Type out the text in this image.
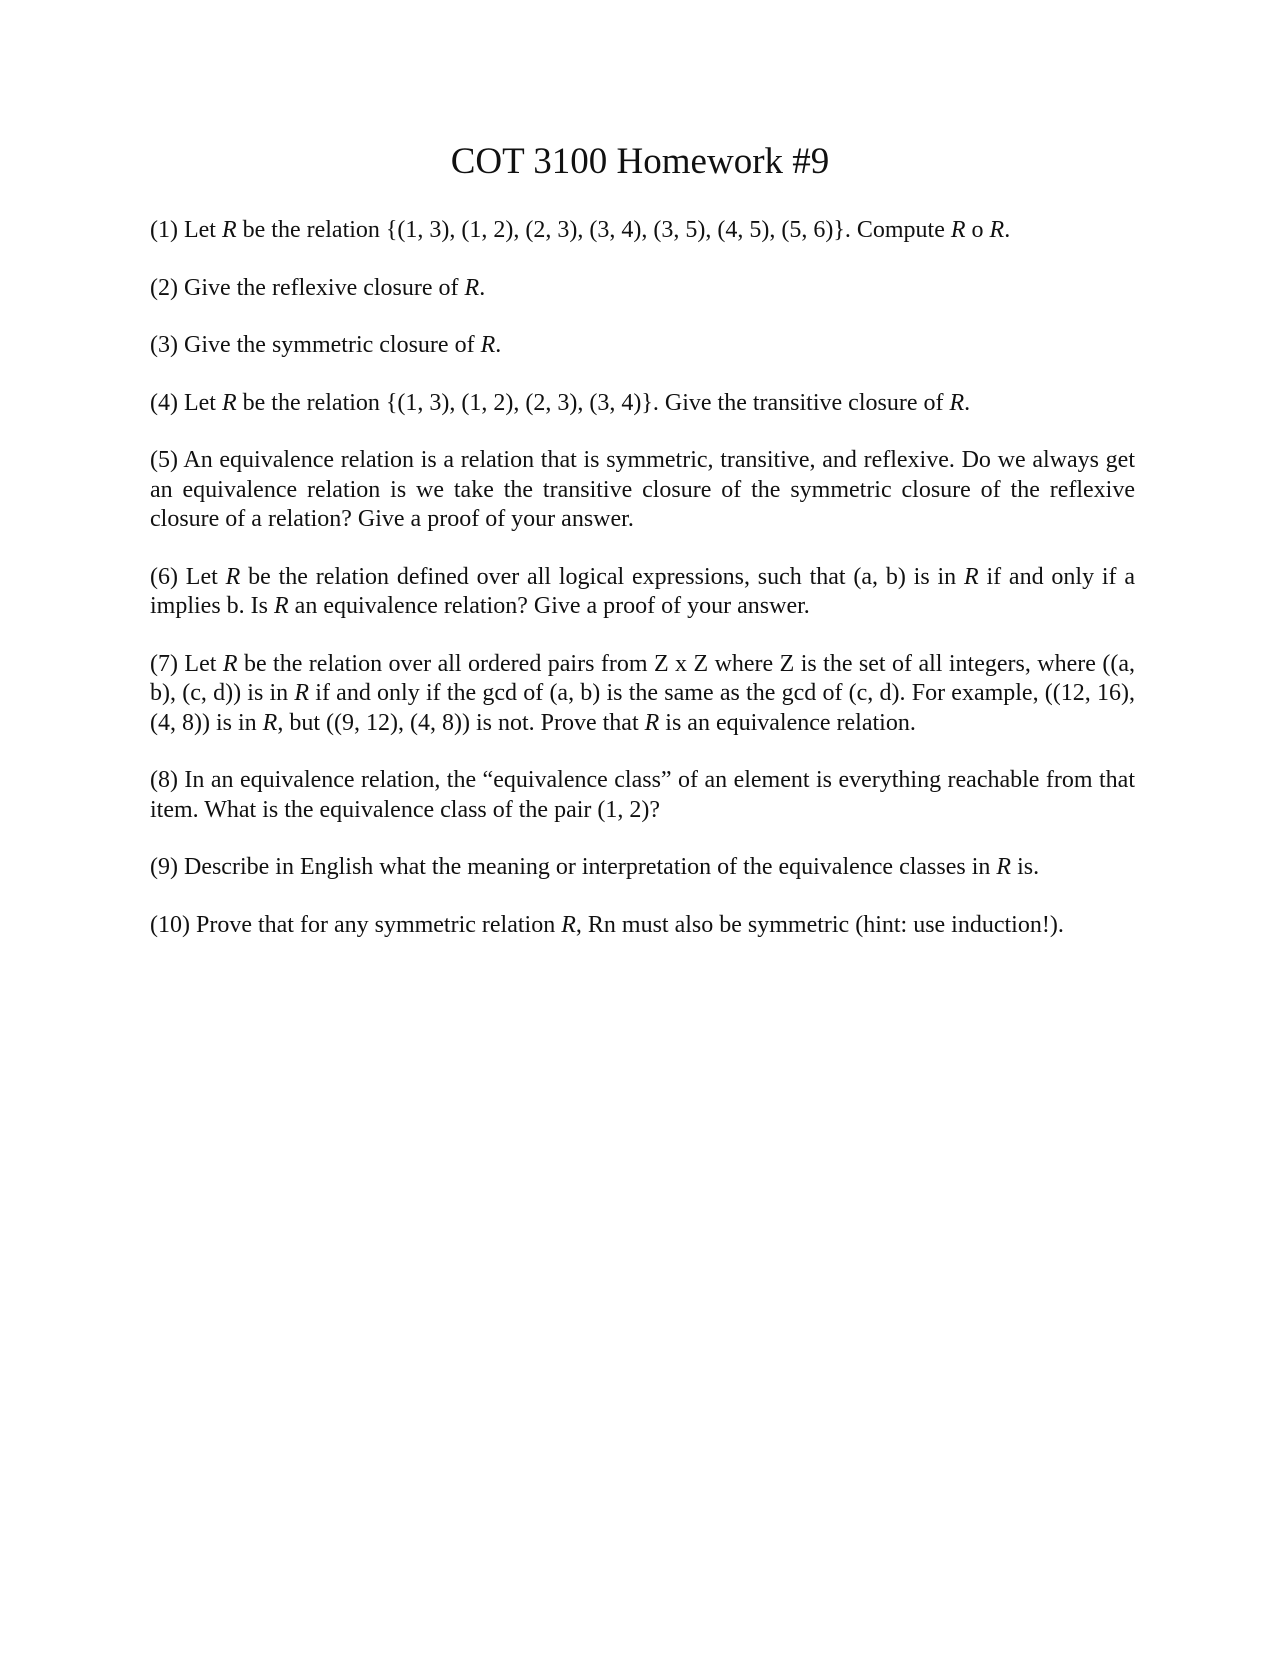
COT 3100 Homework #9

(1) Let R be the relation {(1, 3), (1, 2), (2, 3), (3, 4), (3, 5), (4, 5), (5, 6)}. Compute R o R.

(2) Give the reflexive closure of R.

(3) Give the symmetric closure of R.

(4) Let R be the relation {(1, 3), (1, 2), (2, 3), (3, 4)}. Give the transitive closure of R.

(5) An equivalence relation is a relation that is symmetric, transitive, and reflexive. Do we always get an equivalence relation is we take the transitive closure of the symmetric closure of the reflexive closure of a relation? Give a proof of your answer.

(6) Let R be the relation defined over all logical expressions, such that (a, b) is in R if and only if a implies b. Is R an equivalence relation? Give a proof of your answer.

(7) Let R be the relation over all ordered pairs from Z x Z where Z is the set of all integers, where ((a, b), (c, d)) is in R if and only if the gcd of (a, b) is the same as the gcd of (c, d). For example, ((12, 16), (4, 8)) is in R, but ((9, 12), (4, 8)) is not. Prove that R is an equivalence relation.

(8) In an equivalence relation, the “equivalence class” of an element is everything reachable from that item. What is the equivalence class of the pair (1, 2)?

(9) Describe in English what the meaning or interpretation of the equivalence classes in R is.

(10) Prove that for any symmetric relation R, Rn must also be symmetric (hint: use induction!).
